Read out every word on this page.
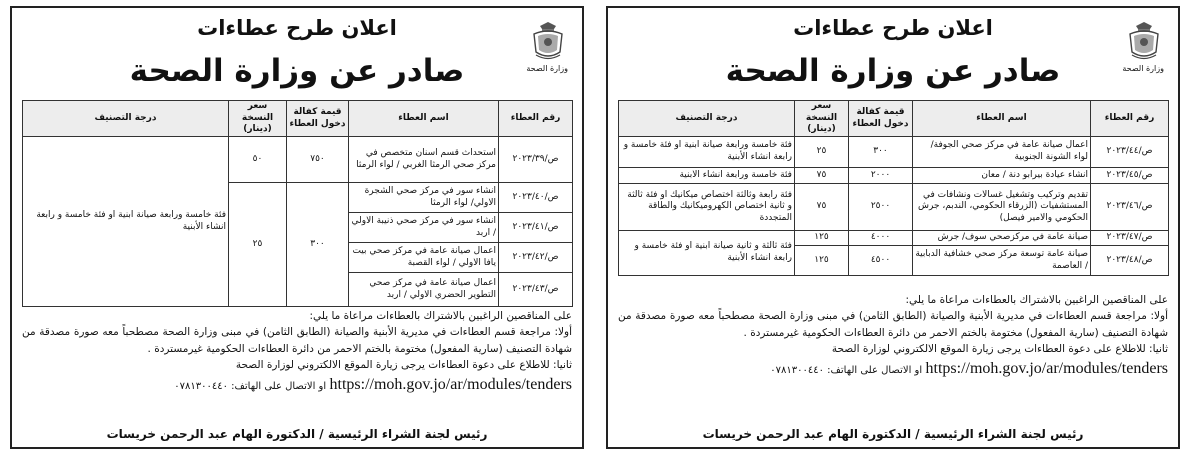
وزارة الصحة
اعلان طرح عطاءات
صادر عن وزارة الصحة
رقم العطاء	اسم العطاء	قيمة كفالة دخول العطاء	سعر النسخة (دينار)	درجة التصنيف
ص/٢٠٢٣/٤٤	اعمال صيانة عامة في مركز صحي الجوفة/ لواء الشونة الجنوبية	٣٠٠	٢٥	فئة خامسة ورابعة صيانة ابنية او فئة خامسة و رابعة انشاء الأبنية
ص/٢٠٢٣/٤٥	انشاء عيادة بيرابو دنة / معان	٢٠٠٠	٧٥	فئة خامسة ورابعة انشاء الابنية
ص/٢٠٢٣/٤٦	تقديم وتركيب وتشغيل غسالات ونشافات في المستشفيات (الزرقاء الحكومي، الندبم، جرش الحكومي والامير فيصل)	٢٥٠٠	٧٥	فئة رابعة وثالثة اختصاص ميكانيك او فئة ثالثة و ثانية اختصاص الكهروميكانيك والطاقة المتجددة
ص/٢٠٢٣/٤٧	صيانة عامة في مركزصحي سوف/ جرش	٤٠٠٠	١٢٥	فئة ثالثة و ثانية صيانة ابنية او فئة خامسة و رابعة انشاء الأبنية
ص/٢٠٢٣/٤٨	صيانة عامة توسعة مركز صحي خشافية الدبابية / العاصمة	٤٥٠٠	١٢٥	

على المناقصين الراغبين بالاشتراك بالعطاءات مراعاة ما يلي:

أولا: مراجعة قسم العطاءات في مديرية الأبنية والصيانة (الطابق الثامن) في مبنى وزارة الصحة مصطحباً معه صورة مصدقة من شهادة التصنيف (سارية المفعول) مختومة بالختم الاحمر من دائرة العطاءات الحكومية غيرمستردة .

ثانيا: للاطلاع على دعوة العطاءات يرجى زيارة الموقع الالكتروني لوزارة الصحة

https://moh.gov.jo/ar/modules/tenders او الاتصال على الهاتف: ٠٧٨١٣٠٠٤٤٠

رئيس لجنة الشراء الرئيسية / الدكتورة الهام عبد الرحمن خريسات
وزارة الصحة
اعلان طرح عطاءات
صادر عن وزارة الصحة
رقم العطاء	اسم العطاء	قيمة كفالة دخول العطاء	سعر النسخة (دينار)	درجة التصنيف
ص/٢٠٢٣/٣٩	استحداث قسم اسنان متخصص في مركز صحي الرمثا الغربي / لواء الرمثا	٧٥٠	٥٠	فئة خامسة ورابعة صيانة ابنية او فئة خامسة و رابعة انشاء الأبنية
ص/٢٠٢٣/٤٠	انشاء سور في مركز صحي الشجرة الاولي/ لواء الرمثا	٣٠٠	٢٥	
ص/٢٠٢٣/٤١	انشاء سور في مركز صحي ذنيبة الاولي / اربد			
ص/٢٠٢٣/٤٢	اعمال صيانة عامة في مركز صحي بيت يافا الاولي / لواء القصبة			
ص/٢٠٢٣/٤٣	اعمال صيانة عامة في مركز صحي التطوير الحضري الاولي / اربد			

على المناقصين الراغبين بالاشتراك بالعطاءات مراعاة ما يلي:

أولا: مراجعة قسم العطاءات في مديرية الأبنية والصيانة (الطابق الثامن) في مبنى وزارة الصحة مصطحباً معه صورة مصدقة من شهادة التصنيف (سارية المفعول) مختومة بالختم الاحمر من دائرة العطاءات الحكومية غيرمستردة .

ثانيا: للاطلاع على دعوة العطاءات يرجى زيارة الموقع الالكتروني لوزارة الصحة

https://moh.gov.jo/ar/modules/tenders او الاتصال على الهاتف: ٠٧٨١٣٠٠٤٤٠

رئيس لجنة الشراء الرئيسية / الدكتورة الهام عبد الرحمن خريسات
